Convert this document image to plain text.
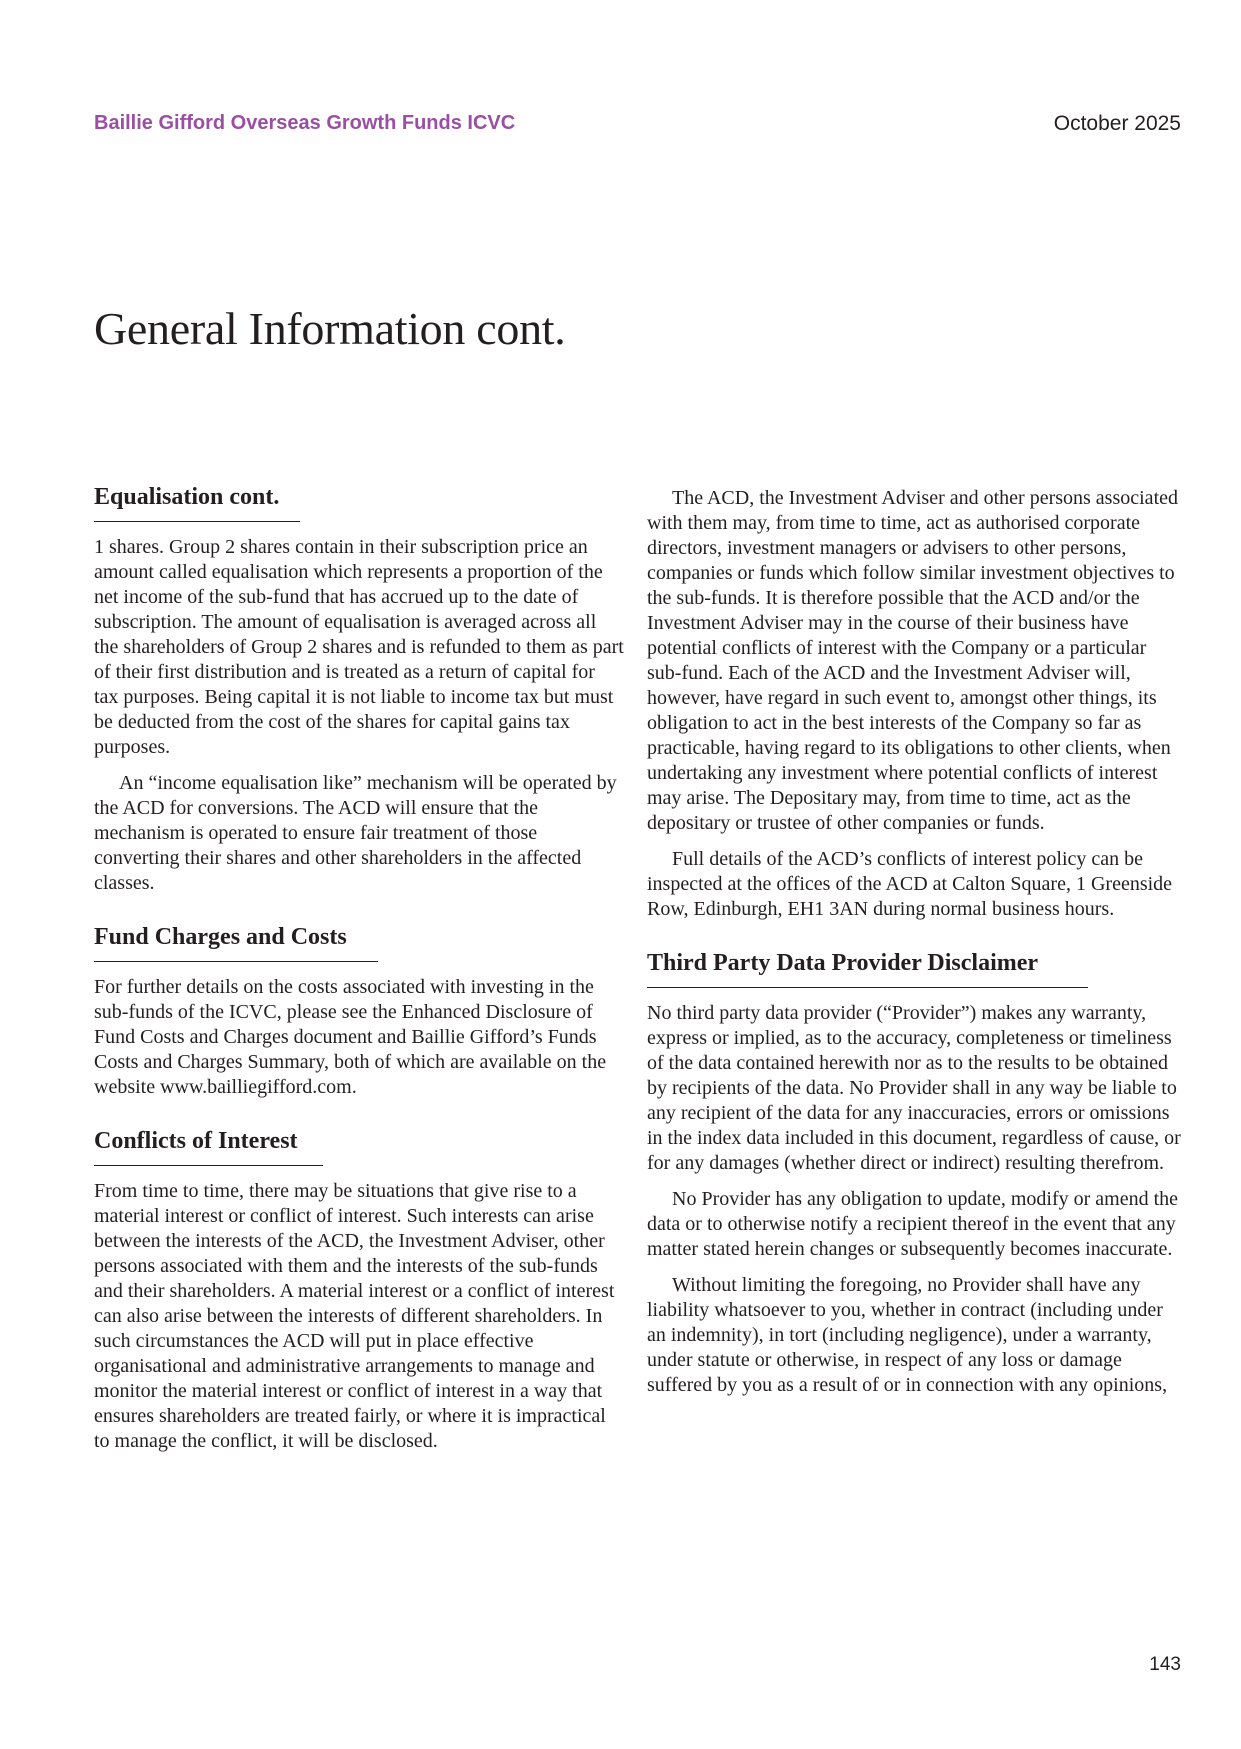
Baillie Gifford Overseas Growth Funds ICVC	October 2025
General Information cont.
Equalisation cont.

1 shares. Group 2 shares contain in their subscription price an amount called equalisation which represents a proportion of the net income of the sub-fund that has accrued up to the date of subscription. The amount of equalisation is averaged across all the shareholders of Group 2 shares and is refunded to them as part of their first distribution and is treated as a return of capital for tax purposes. Being capital it is not liable to income tax but must be deducted from the cost of the shares for capital gains tax purposes.

An “income equalisation like” mechanism will be operated by the ACD for conversions. The ACD will ensure that the mechanism is operated to ensure fair treatment of those converting their shares and other shareholders in the affected classes.

Fund Charges and Costs

For further details on the costs associated with investing in the sub-funds of the ICVC, please see the Enhanced Disclosure of Fund Costs and Charges document and Baillie Gifford’s Funds Costs and Charges Summary, both of which are available on the website www.bailliegifford.com.

Conflicts of Interest

From time to time, there may be situations that give rise to a material interest or conflict of interest. Such interests can arise between the interests of the ACD, the Investment Adviser, other persons associated with them and the interests of the sub-funds and their shareholders. A material interest or a conflict of interest can also arise between the interests of different shareholders. In such circumstances the ACD will put in place effective organisational and administrative arrangements to manage and monitor the material interest or conflict of interest in a way that ensures shareholders are treated fairly, or where it is impractical to manage the conflict, it will be disclosed.

The ACD, the Investment Adviser and other persons associated with them may, from time to time, act as authorised corporate directors, investment managers or advisers to other persons, companies or funds which follow similar investment objectives to the sub-funds. It is therefore possible that the ACD and/or the Investment Adviser may in the course of their business have potential conflicts of interest with the Company or a particular sub-fund. Each of the ACD and the Investment Adviser will, however, have regard in such event to, amongst other things, its obligation to act in the best interests of the Company so far as practicable, having regard to its obligations to other clients, when undertaking any investment where potential conflicts of interest may arise. The Depositary may, from time to time, act as the depositary or trustee of other companies or funds.

Full details of the ACD’s conflicts of interest policy can be inspected at the offices of the ACD at Calton Square, 1 Greenside Row, Edinburgh, EH1 3AN during normal business hours.

Third Party Data Provider Disclaimer

No third party data provider (“Provider”) makes any warranty, express or implied, as to the accuracy, completeness or timeliness of the data contained herewith nor as to the results to be obtained by recipients of the data. No Provider shall in any way be liable to any recipient of the data for any inaccuracies, errors or omissions in the index data included in this document, regardless of cause, or for any damages (whether direct or indirect) resulting therefrom.

No Provider has any obligation to update, modify or amend the data or to otherwise notify a recipient thereof in the event that any matter stated herein changes or subsequently becomes inaccurate.

Without limiting the foregoing, no Provider shall have any liability whatsoever to you, whether in contract (including under an indemnity), in tort (including negligence), under a warranty, under statute or otherwise, in respect of any loss or damage suffered by you as a result of or in connection with any opinions,

143
